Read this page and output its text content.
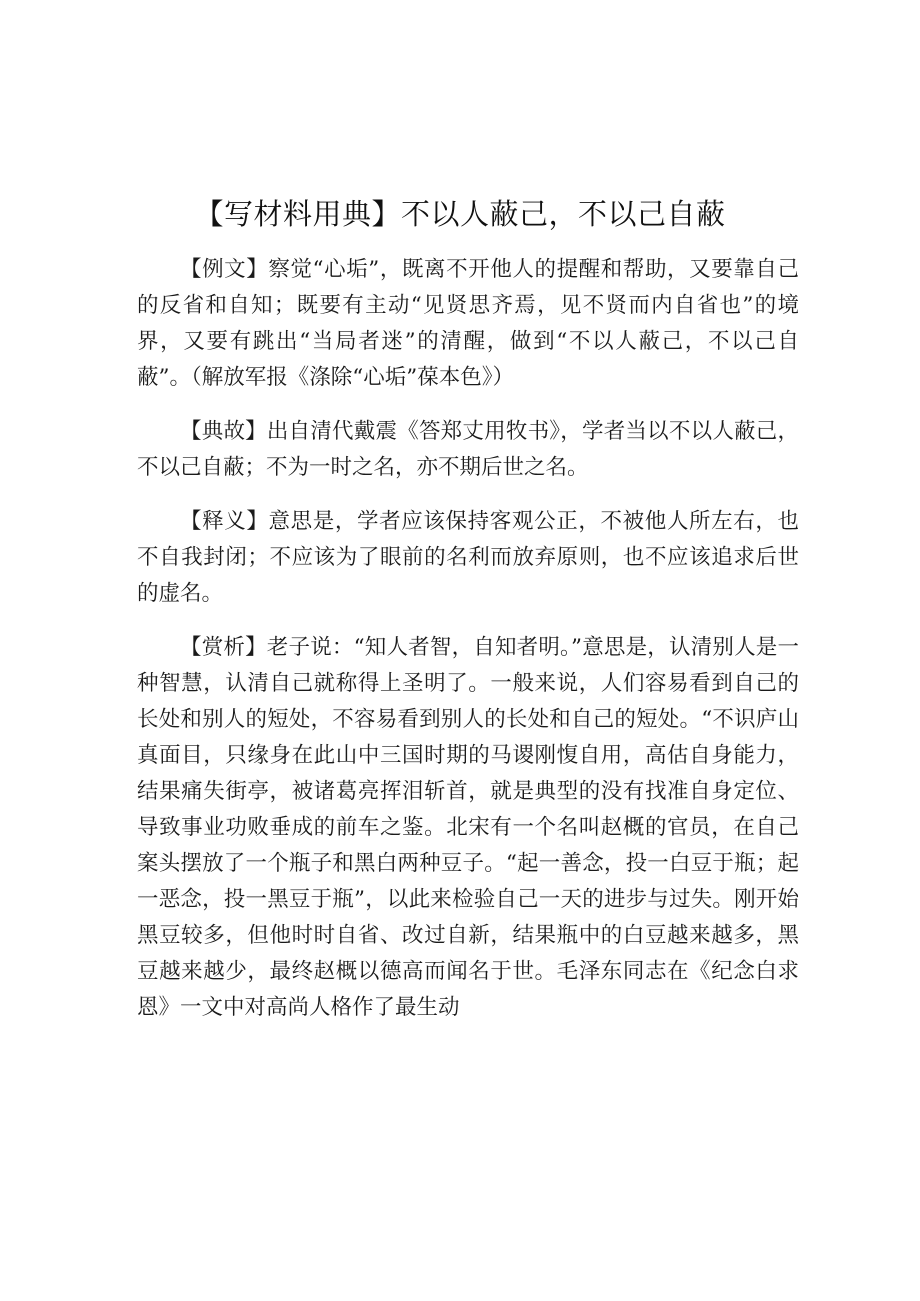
【写材料用典】不以人蔽己，不以己自蔽

【例文】察觉“心垢”，既离不开他人的提醒和帮助，又要靠自己的反省和自知；既要有主动“见贤思齐焉，见不贤而内自省也”的境界，又要有跳出“当局者迷”的清醒，做到“不以人蔽己，不以己自蔽”。（解放军报《涤除“心垢”葆本色》）

【典故】出自清代戴震《答郑丈用牧书》，学者当以不以人蔽己，不以己自蔽；不为一时之名，亦不期后世之名。

【释义】意思是，学者应该保持客观公正，不被他人所左右，也不自我封闭；不应该为了眼前的名利而放弃原则，也不应该追求后世的虚名。

【赏析】老子说：“知人者智，自知者明。”意思是，认清别人是一种智慧，认清自己就称得上圣明了。一般来说，人们容易看到自己的长处和别人的短处，不容易看到别人的长处和自己的短处。“不识庐山真面目，只缘身在此山中三国时期的马谡刚愎自用，高估自身能力，结果痛失街亭，被诸葛亮挥泪斩首，就是典型的没有找准自身定位、导致事业功败垂成的前车之鉴。北宋有一个名叫赵概的官员，在自己案头摆放了一个瓶子和黑白两种豆子。“起一善念，投一白豆于瓶；起一恶念，投一黑豆于瓶”，以此来检验自己一天的进步与过失。刚开始黑豆较多，但他时时自省、改过自新，结果瓶中的白豆越来越多，黑豆越来越少，最终赵概以德高而闻名于世。毛泽东同志在《纪念白求恩》一文中对高尚人格作了最生动
